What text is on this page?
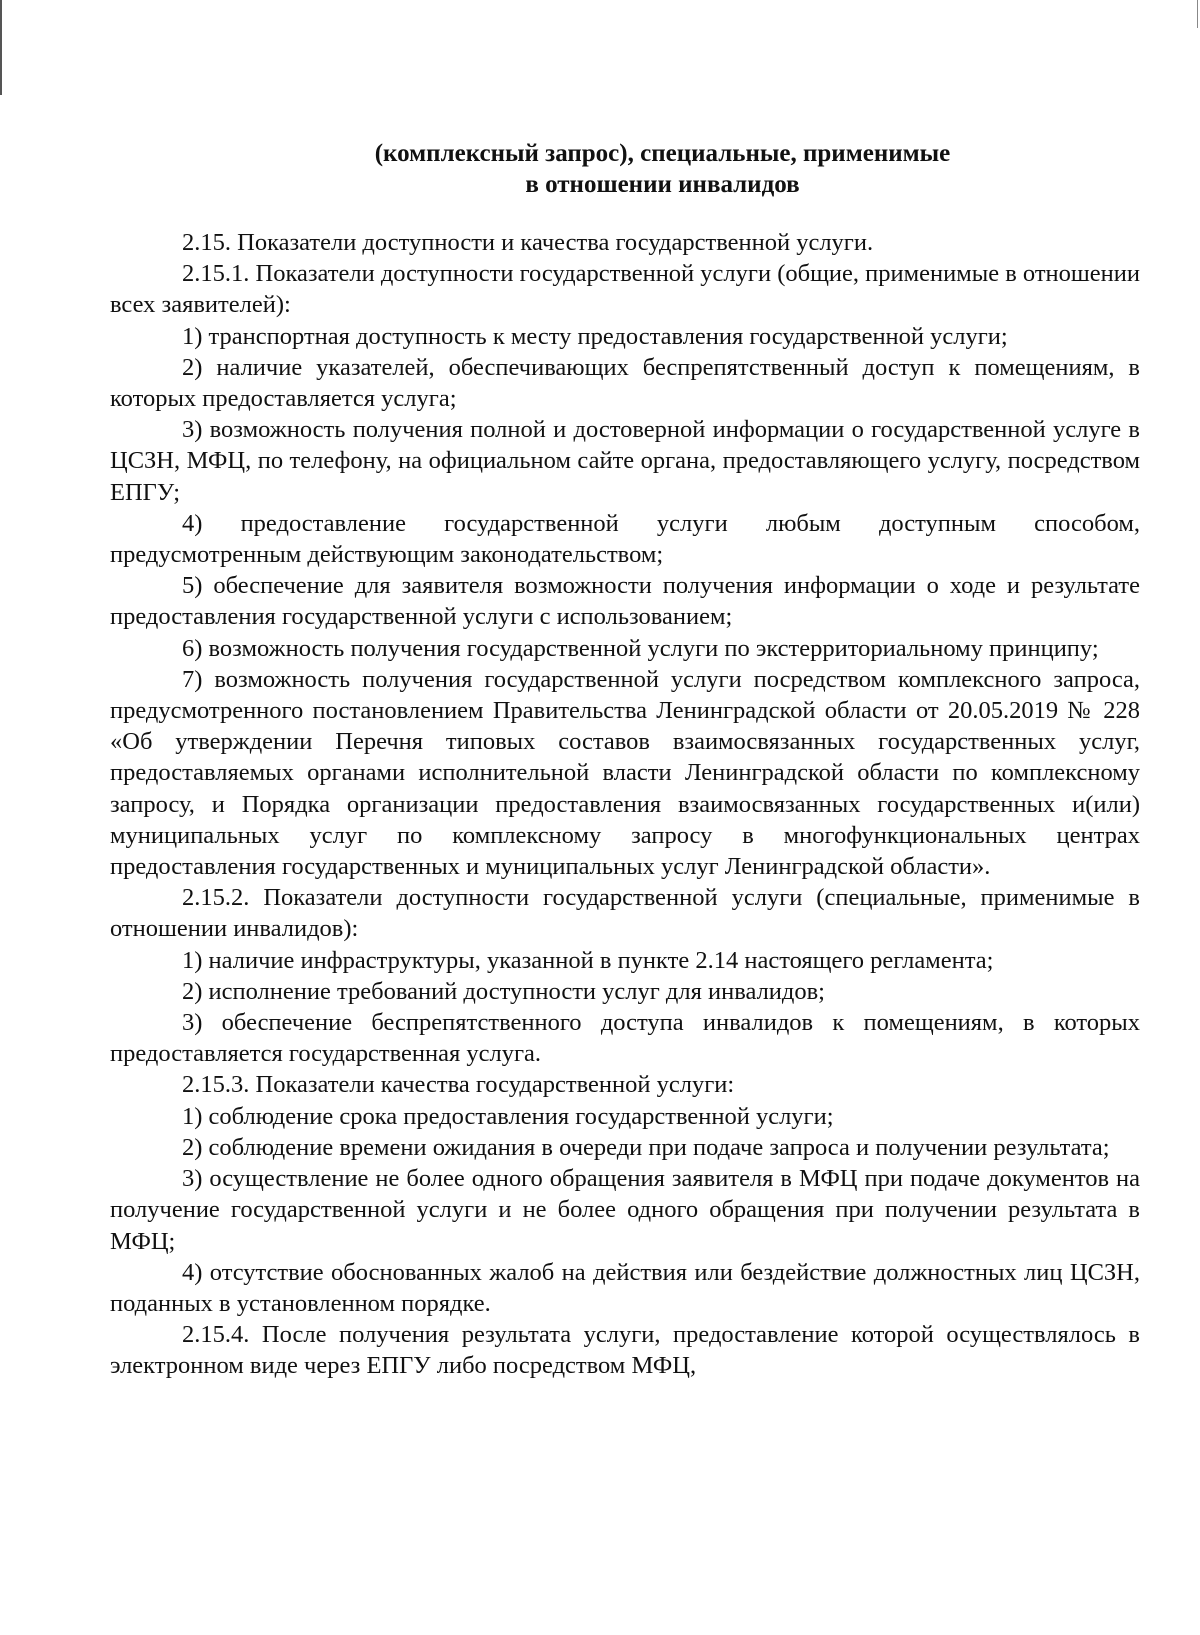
(комплексный запрос), специальные, применимые
в отношении инвалидов

2.15. Показатели доступности и качества государственной услуги.

2.15.1. Показатели доступности государственной услуги (общие, применимые в отношении всех заявителей):

1) транспортная доступность к месту предоставления государственной услуги;

2) наличие указателей, обеспечивающих беспрепятственный доступ к помещениям, в которых предоставляется услуга;

3) возможность получения полной и достоверной информации о государственной услуге в ЦСЗН, МФЦ, по телефону, на официальном сайте органа, предоставляющего услугу, посредством ЕПГУ;

4) предоставление государственной услуги любым доступным способом, предусмотренным действующим законодательством;

5) обеспечение для заявителя возможности получения информации о ходе и результате предоставления государственной услуги с использованием;

6) возможность получения государственной услуги по экстерриториальному принципу;

7) возможность получения государственной услуги посредством комплексного запроса, предусмотренного постановлением Правительства Ленинградской области от 20.05.2019 № 228 «Об утверждении Перечня типовых составов взаимосвязанных государственных услуг, предоставляемых органами исполнительной власти Ленинградской области по комплексному запросу, и Порядка организации предоставления взаимосвязанных государственных и(или) муниципальных услуг по комплексному запросу в многофункциональных центрах предоставления государственных и муниципальных услуг Ленинградской области».

2.15.2. Показатели доступности государственной услуги (специальные, применимые в отношении инвалидов):

1) наличие инфраструктуры, указанной в пункте 2.14 настоящего регламента;

2) исполнение требований доступности услуг для инвалидов;

3) обеспечение беспрепятственного доступа инвалидов к помещениям, в которых предоставляется государственная услуга.

2.15.3. Показатели качества государственной услуги:

1) соблюдение срока предоставления государственной услуги;

2) соблюдение времени ожидания в очереди при подаче запроса и получении результата;

3) осуществление не более одного обращения заявителя в МФЦ при подаче документов на получение государственной услуги и не более одного обращения при получении результата в МФЦ;

4) отсутствие обоснованных жалоб на действия или бездействие должностных лиц ЦСЗН, поданных в установленном порядке.

2.15.4. После получения результата услуги, предоставление которой осуществлялось в электронном виде через ЕПГУ либо посредством МФЦ,
